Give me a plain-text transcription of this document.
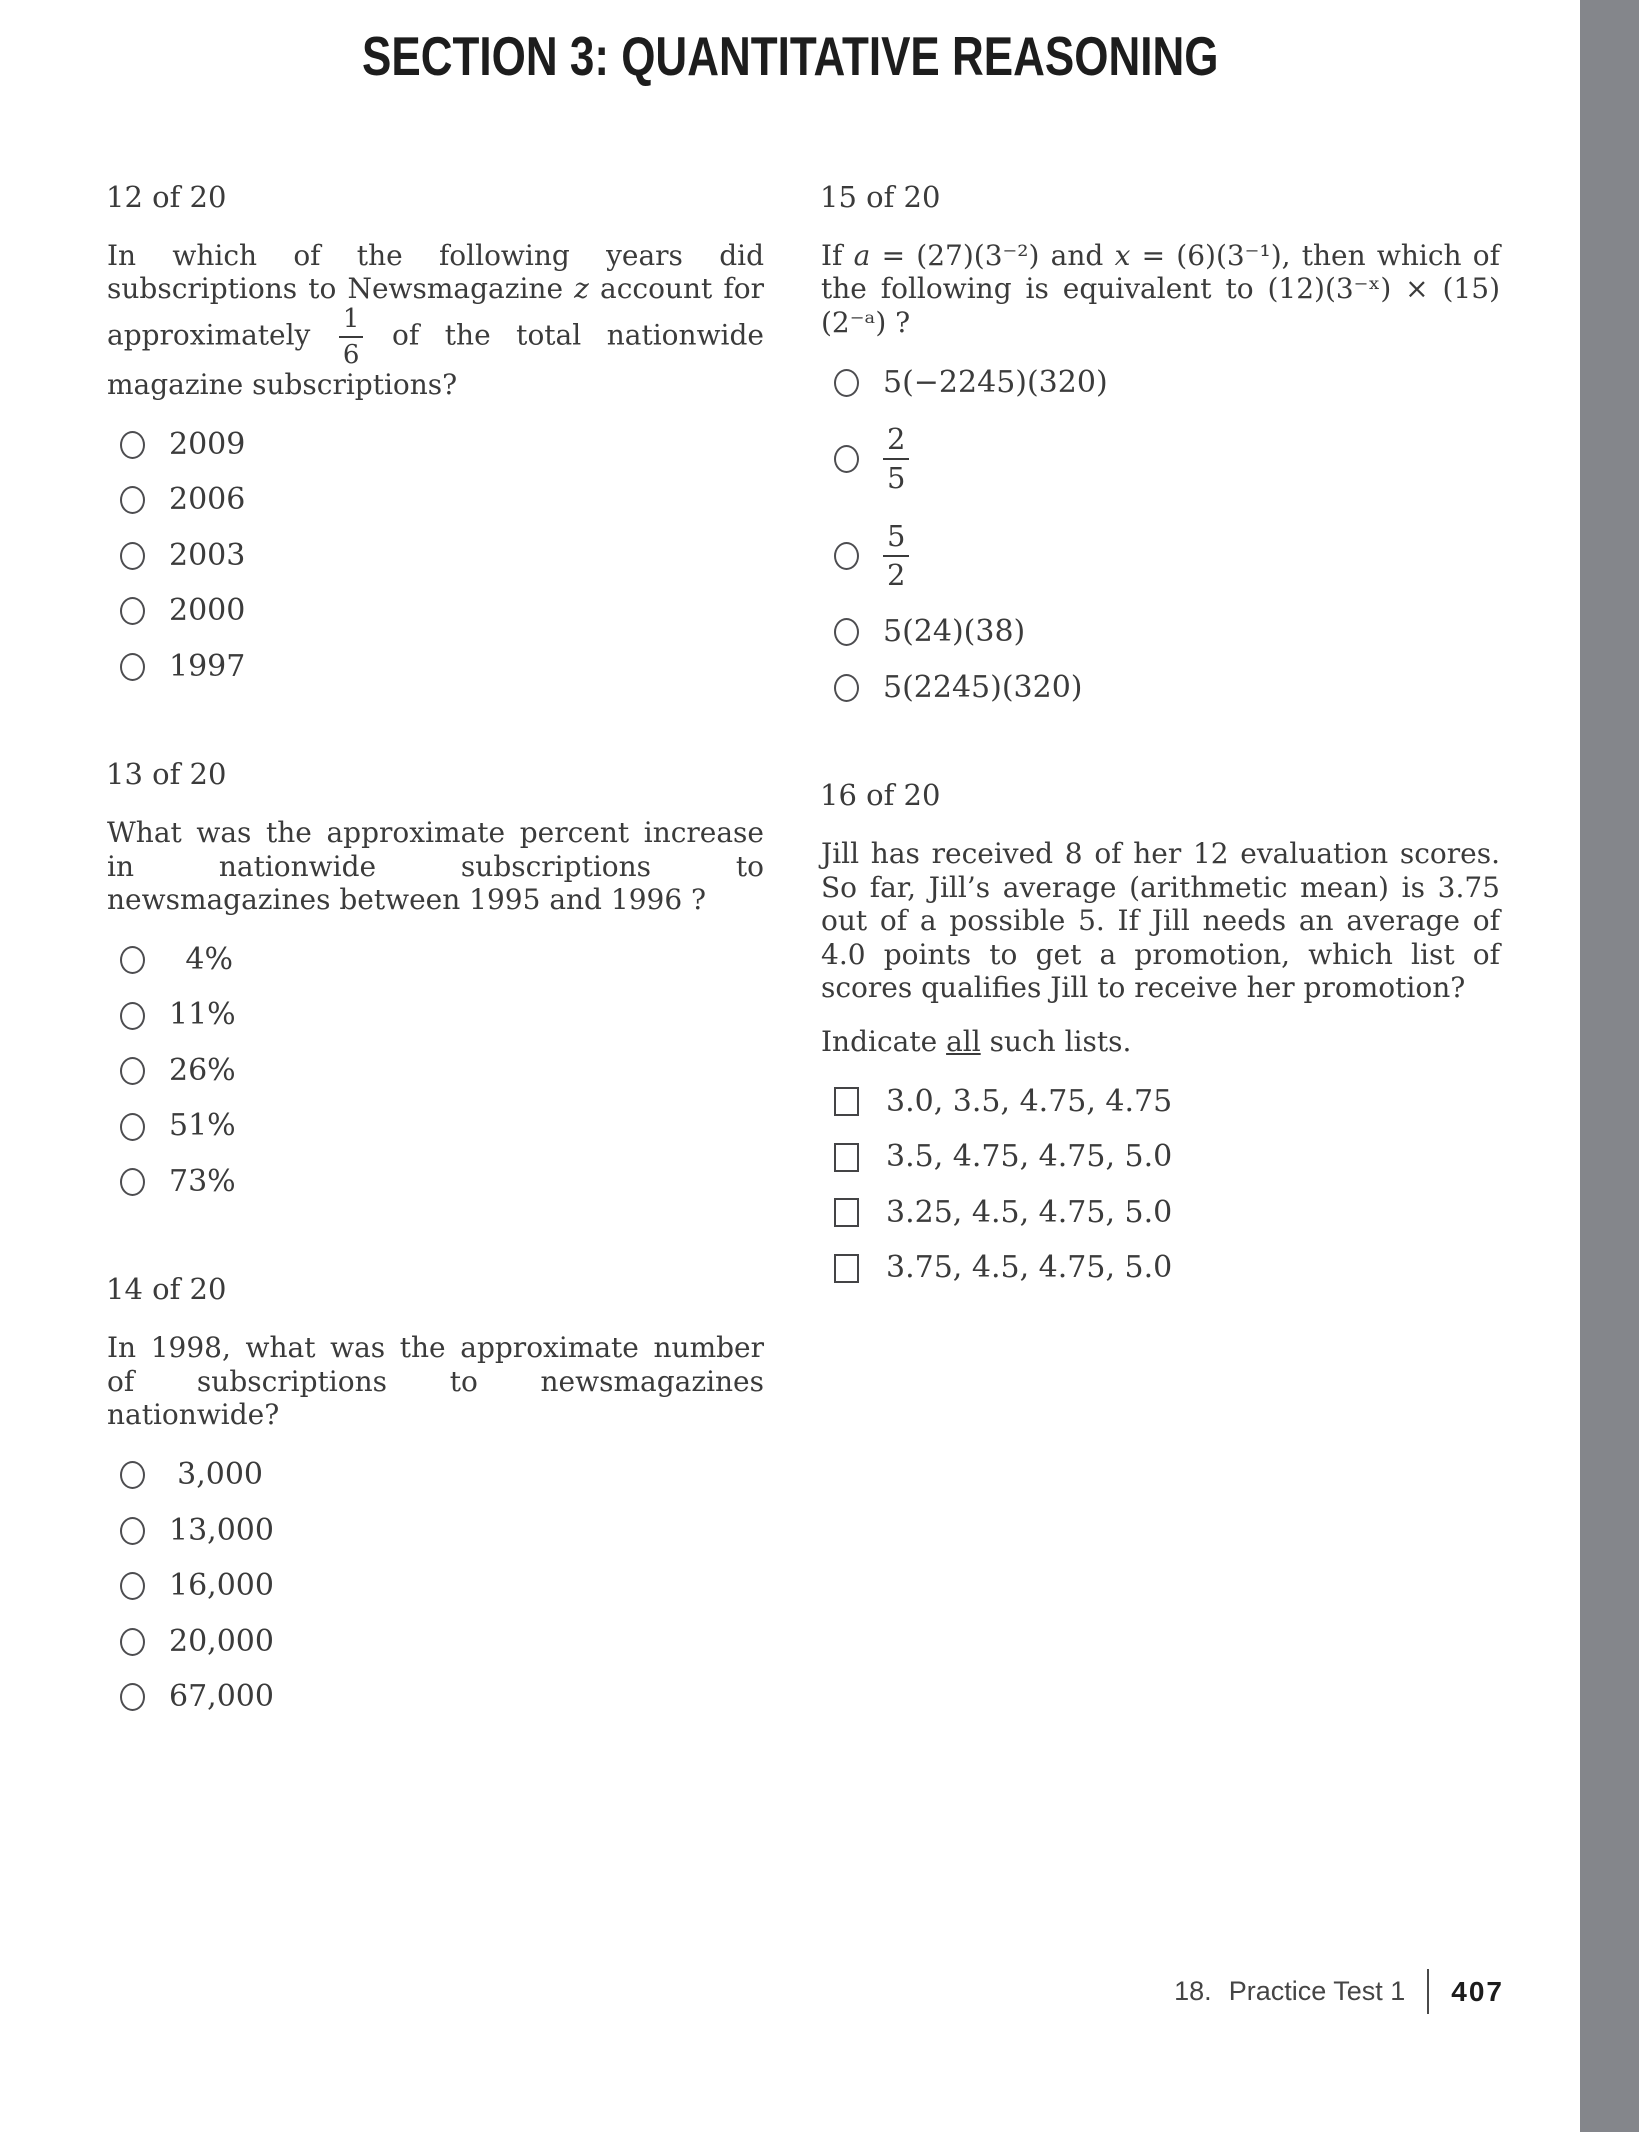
SECTION 3: QUANTITATIVE REASONING
12 of 20

In which of the following years did subscriptions to Newsmagazine z account for approximately $\frac{1}{6}$ of the total nationwide magazine subscriptions?

2009
2006
2003
2000
1997
13 of 20

What was the approximate percent increase in nationwide subscriptions to newsmagazines between 1995 and 1996 ?

4%
11%
26%
51%
73%
14 of 20

In 1998, what was the approximate number of subscriptions to newsmagazines nationwide?

3,000
13,000
16,000
20,000
67,000
15 of 20

If a = (27)(3⁻²) and x = (6)(3⁻¹), then which of the following is equivalent to (12)(3⁻ˣ) × (15)(2⁻ᵃ) ?

5(−2245)(320)
$\frac{2}{5}$
$\frac{5}{2}$
5(24)(38)
5(2245)(320)
16 of 20

Jill has received 8 of her 12 evaluation scores. So far, Jill’s average (arithmetic mean) is 3.75 out of a possible 5. If Jill needs an average of 4.0 points to get a promotion, which list of scores qualifies Jill to receive her promotion?

Indicate all such lists.

3.0, 3.5, 4.75, 4.75
3.5, 4.75, 4.75, 5.0
3.25, 4.5, 4.75, 5.0
3.75, 4.5, 4.75, 5.0
18. Practice Test 1 407
